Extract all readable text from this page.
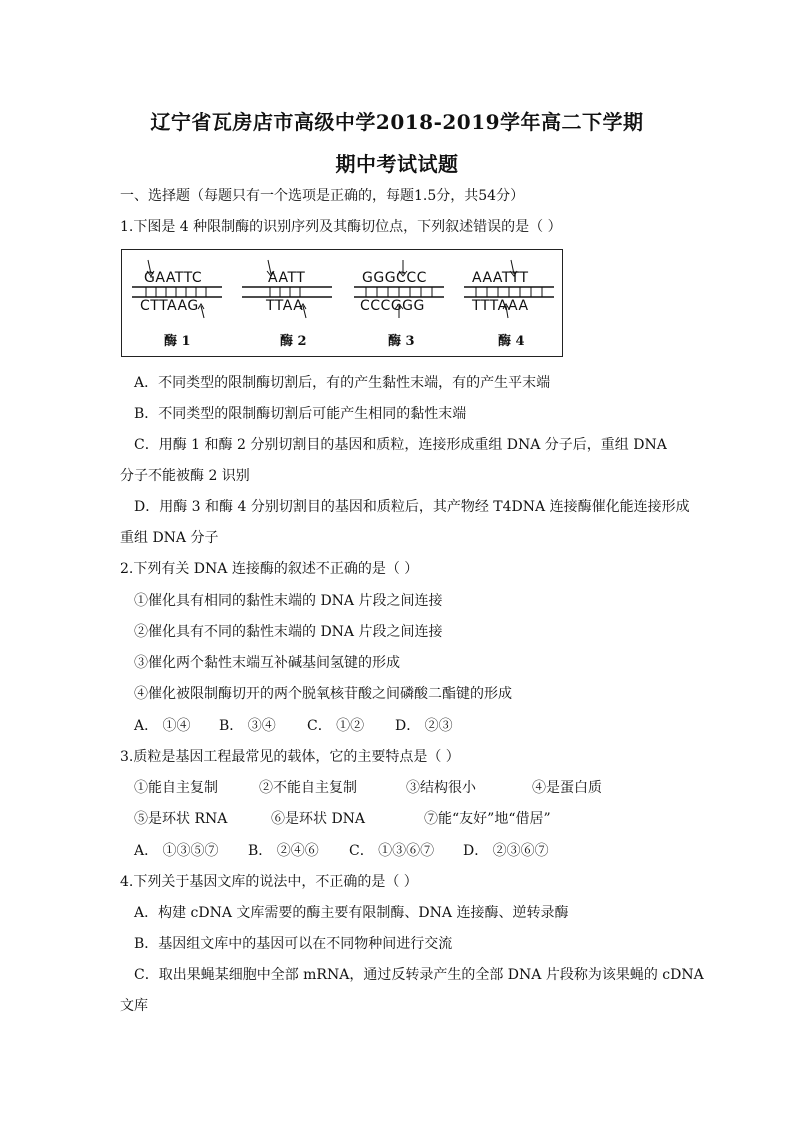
辽宁省瓦房店市高级中学2018-2019学年高二下学期
期中考试试题
一、选择题（每题只有一个选项是正确的，每题1.5分，共54分）
1.下图是 4 种限制酶的识别序列及其酶切位点，下列叙述错误的是（ ）
GAATTC
CTTAAG
酶 1
AATT
TTAA
酶 2
GGGCCC
CCCGGG
酶 3
AAATTT
TTTAAA
酶 4
A．不同类型的限制酶切割后，有的产生黏性末端，有的产生平末端
B．不同类型的限制酶切割后可能产生相同的黏性末端
C．用酶 1 和酶 2 分别切割目的基因和质粒，连接形成重组 DNA 分子后，重组 DNA
分子不能被酶 2 识别
D．用酶 3 和酶 4 分别切割目的基因和质粒后，其产物经 T4DNA 连接酶催化能连接形成
重组 DNA 分子
2.下列有关 DNA 连接酶的叙述不正确的是（ ）
①催化具有相同的黏性末端的 DNA 片段之间连接
②催化具有不同的黏性末端的 DNA 片段之间连接
③催化两个黏性末端互补碱基间氢键的形成
④催化被限制酶切开的两个脱氧核苷酸之间磷酸二酯键的形成
A． ①④ B． ③④ C． ①② D． ②③
3.质粒是基因工程最常见的载体，它的主要特点是（ ）
①能自主复制	②不能自主复制	③结构很小	④是蛋白质
⑤是环状 RNA	⑥是环状 DNA	⑦能“友好”地“借居”
A． ①③⑤⑦ B． ②④⑥ C． ①③⑥⑦ D． ②③⑥⑦
4.下列关于基因文库的说法中，不正确的是（ ）
A．构建 cDNA 文库需要的酶主要有限制酶、DNA 连接酶、逆转录酶
B．基因组文库中的基因可以在不同物种间进行交流
C．取出果蝇某细胞中全部 mRNA，通过反转录产生的全部 DNA 片段称为该果蝇的 cDNA
文库
